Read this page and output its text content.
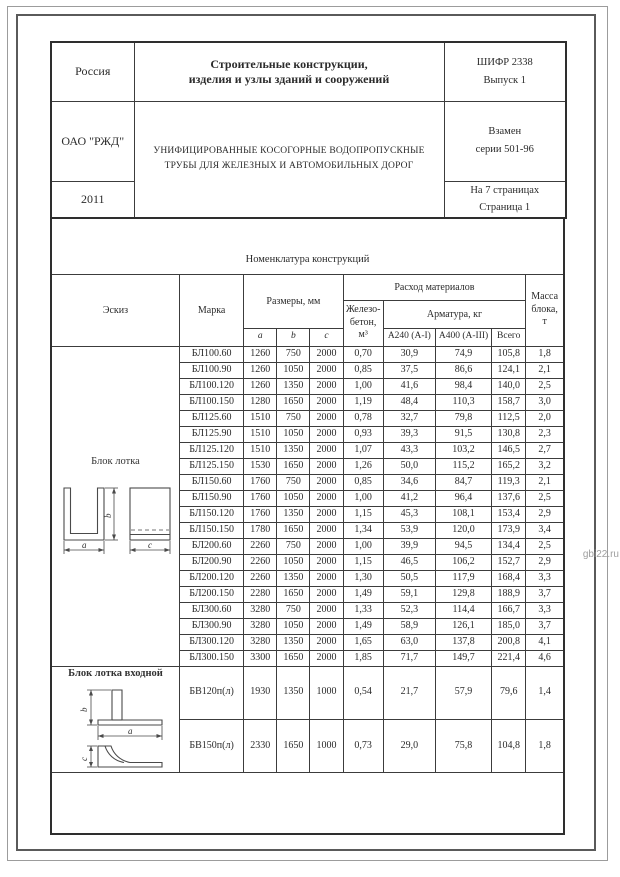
Россия	Строительные конструкции,
изделия и узлы зданий и сооружений	ШИФР 2338
Выпуск 1

ОАО "РЖД"	УНИФИЦИРОВАННЫЕ КОСОГОРНЫЕ ВОДОПРОПУСКНЫЕ ТРУБЫ ДЛЯ ЖЕЛЕЗНЫХ И АВТОМОБИЛЬНЫХ ДОРОГ	Взамен
серии 501-96

2011		На 7 страницах
Страница 1
Номенклатура конструкций									
Эскиз	Марка	Размеры, мм			Расход материалов				Масса
блока,
т

					Железо-
бетон,
м³	Арматура, кг			
		a	b	c		А240 (А-I)	А400 (А-III)	Всего	

Блок лотка
b
a c	БЛ100.60	1260	750	2000	0,70	30,9	74,9	105,8	1,8
	БЛ100.90	1260	1050	2000	0,85	37,5	86,6	124,1	2,1
	БЛ100.120	1260	1350	2000	1,00	41,6	98,4	140,0	2,5
	БЛ100.150	1280	1650	2000	1,19	48,4	110,3	158,7	3,0
	БЛ125.60	1510	750	2000	0,78	32,7	79,8	112,5	2,0
	БЛ125.90	1510	1050	2000	0,93	39,3	91,5	130,8	2,3
	БЛ125.120	1510	1350	2000	1,07	43,3	103,2	146,5	2,7
	БЛ125.150	1530	1650	2000	1,26	50,0	115,2	165,2	3,2
	БЛ150.60	1760	750	2000	0,85	34,6	84,7	119,3	2,1
	БЛ150.90	1760	1050	2000	1,00	41,2	96,4	137,6	2,5
	БЛ150.120	1760	1350	2000	1,15	45,3	108,1	153,4	2,9
	БЛ150.150	1780	1650	2000	1,34	53,9	120,0	173,9	3,4
	БЛ200.60	2260	750	2000	1,00	39,9	94,5	134,4	2,5
	БЛ200.90	2260	1050	2000	1,15	46,5	106,2	152,7	2,9
	БЛ200.120	2260	1350	2000	1,30	50,5	117,9	168,4	3,3
	БЛ200.150	2280	1650	2000	1,49	59,1	129,8	188,9	3,7
	БЛ300.60	3280	750	2000	1,33	52,3	114,4	166,7	3,3
	БЛ300.90	3280	1050	2000	1,49	58,9	126,1	185,0	3,7
	БЛ300.120	3280	1350	2000	1,65	63,0	137,8	200,8	4,1
	БЛ300.150	3300	1650	2000	1,85	71,7	149,7	221,4	4,6

Блок лотка входной
b
a
c	БВ120п(л)	1930	1350	1000	0,54	21,7	57,9	79,6	1,4
	БВ150п(л)	2330	1650	1000	0,73	29,0	75,8	104,8	1,8

gbi22.ru
